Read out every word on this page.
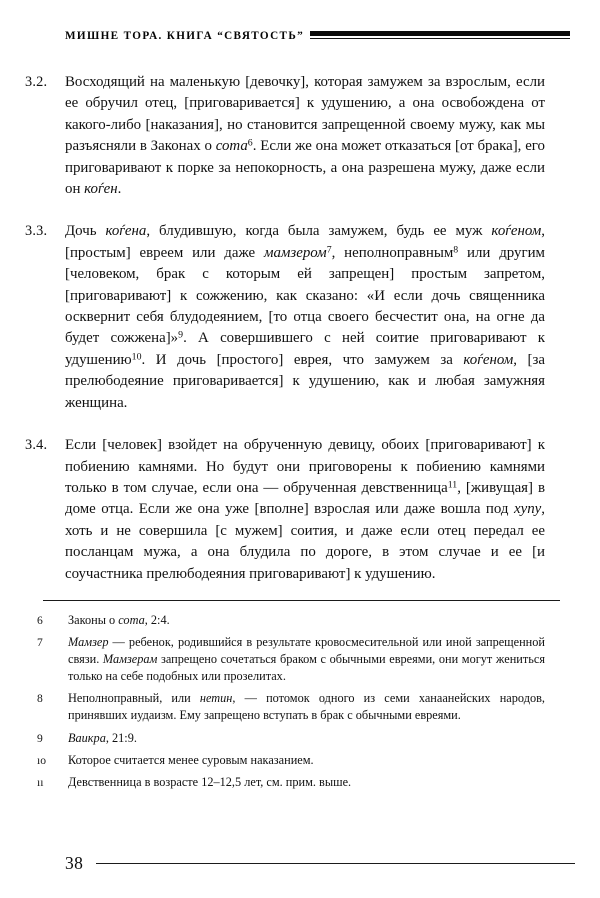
МИШНЕ ТОРА. КНИГА “СВЯТОСТЬ”
3.2.	Восходящий на маленькую [девочку], которая замужем за взрослым, если ее обручил отец, [приговаривается] к удушению, а она освобождена от какого-либо [наказания], но становится запрещенной своему мужу, как мы разъясняли в Законах о сота$^6$. Если же она может отказаться [от брака], его приговаривают к порке за непокорность, а она разрешена мужу, даже если он коѓен.
3.3.	Дочь коѓена, блудившую, когда была замужем, будь ее муж коѓеном, [простым] евреем или даже мамзером$^7$, неполноправным$^8$ или другим [человеком, брак с которым ей запрещен] простым запретом, [приговаривают] к сожжению, как сказано: «И если дочь священника осквернит себя блудодеянием, [то отца своего бесчестит она, на огне да будет сожжена]»$^9$. А совершившего с ней соитие приговаривают к удушению$^{10}$. И дочь [простого] еврея, что замужем за коѓеном, [за прелюбодеяние приговаривается] к удушению, как и любая замужняя женщина.
3.4.	Если [человек] взойдет на обрученную девицу, обоих [приговаривают] к побиению камнями. Но будут они приговорены к побиению камнями только в том случае, если она — обрученная девственница$^{11}$, [живущая] в доме отца. Если же она уже [вполне] взрослая или даже вошла под хупу, хоть и не совершила [с мужем] соития, и даже если отец передал ее посланцам мужа, а она блудила по дороге, в этом случае и ее [и соучастника прелюбодеяния приговаривают] к удушению.
6	Законы о сота, 2:4.
7	Мамзер — ребенок, родившийся в результате кровосмесительной или иной запрещенной связи. Мамзерам запрещено сочетаться браком с обычными евреями, они могут жениться только на себе подобных или прозелитах.
8	Неполноправный, или нетин, — потомок одного из семи ханаанейских народов, принявших иудаизм. Ему запрещено вступать в брак с обычными евреями.
9	Ваикра, 21:9.
ıo	Которое считается менее суровым наказанием.
ıı	Девственница в возрасте 12–12,5 лет, см. прим. выше.
38
